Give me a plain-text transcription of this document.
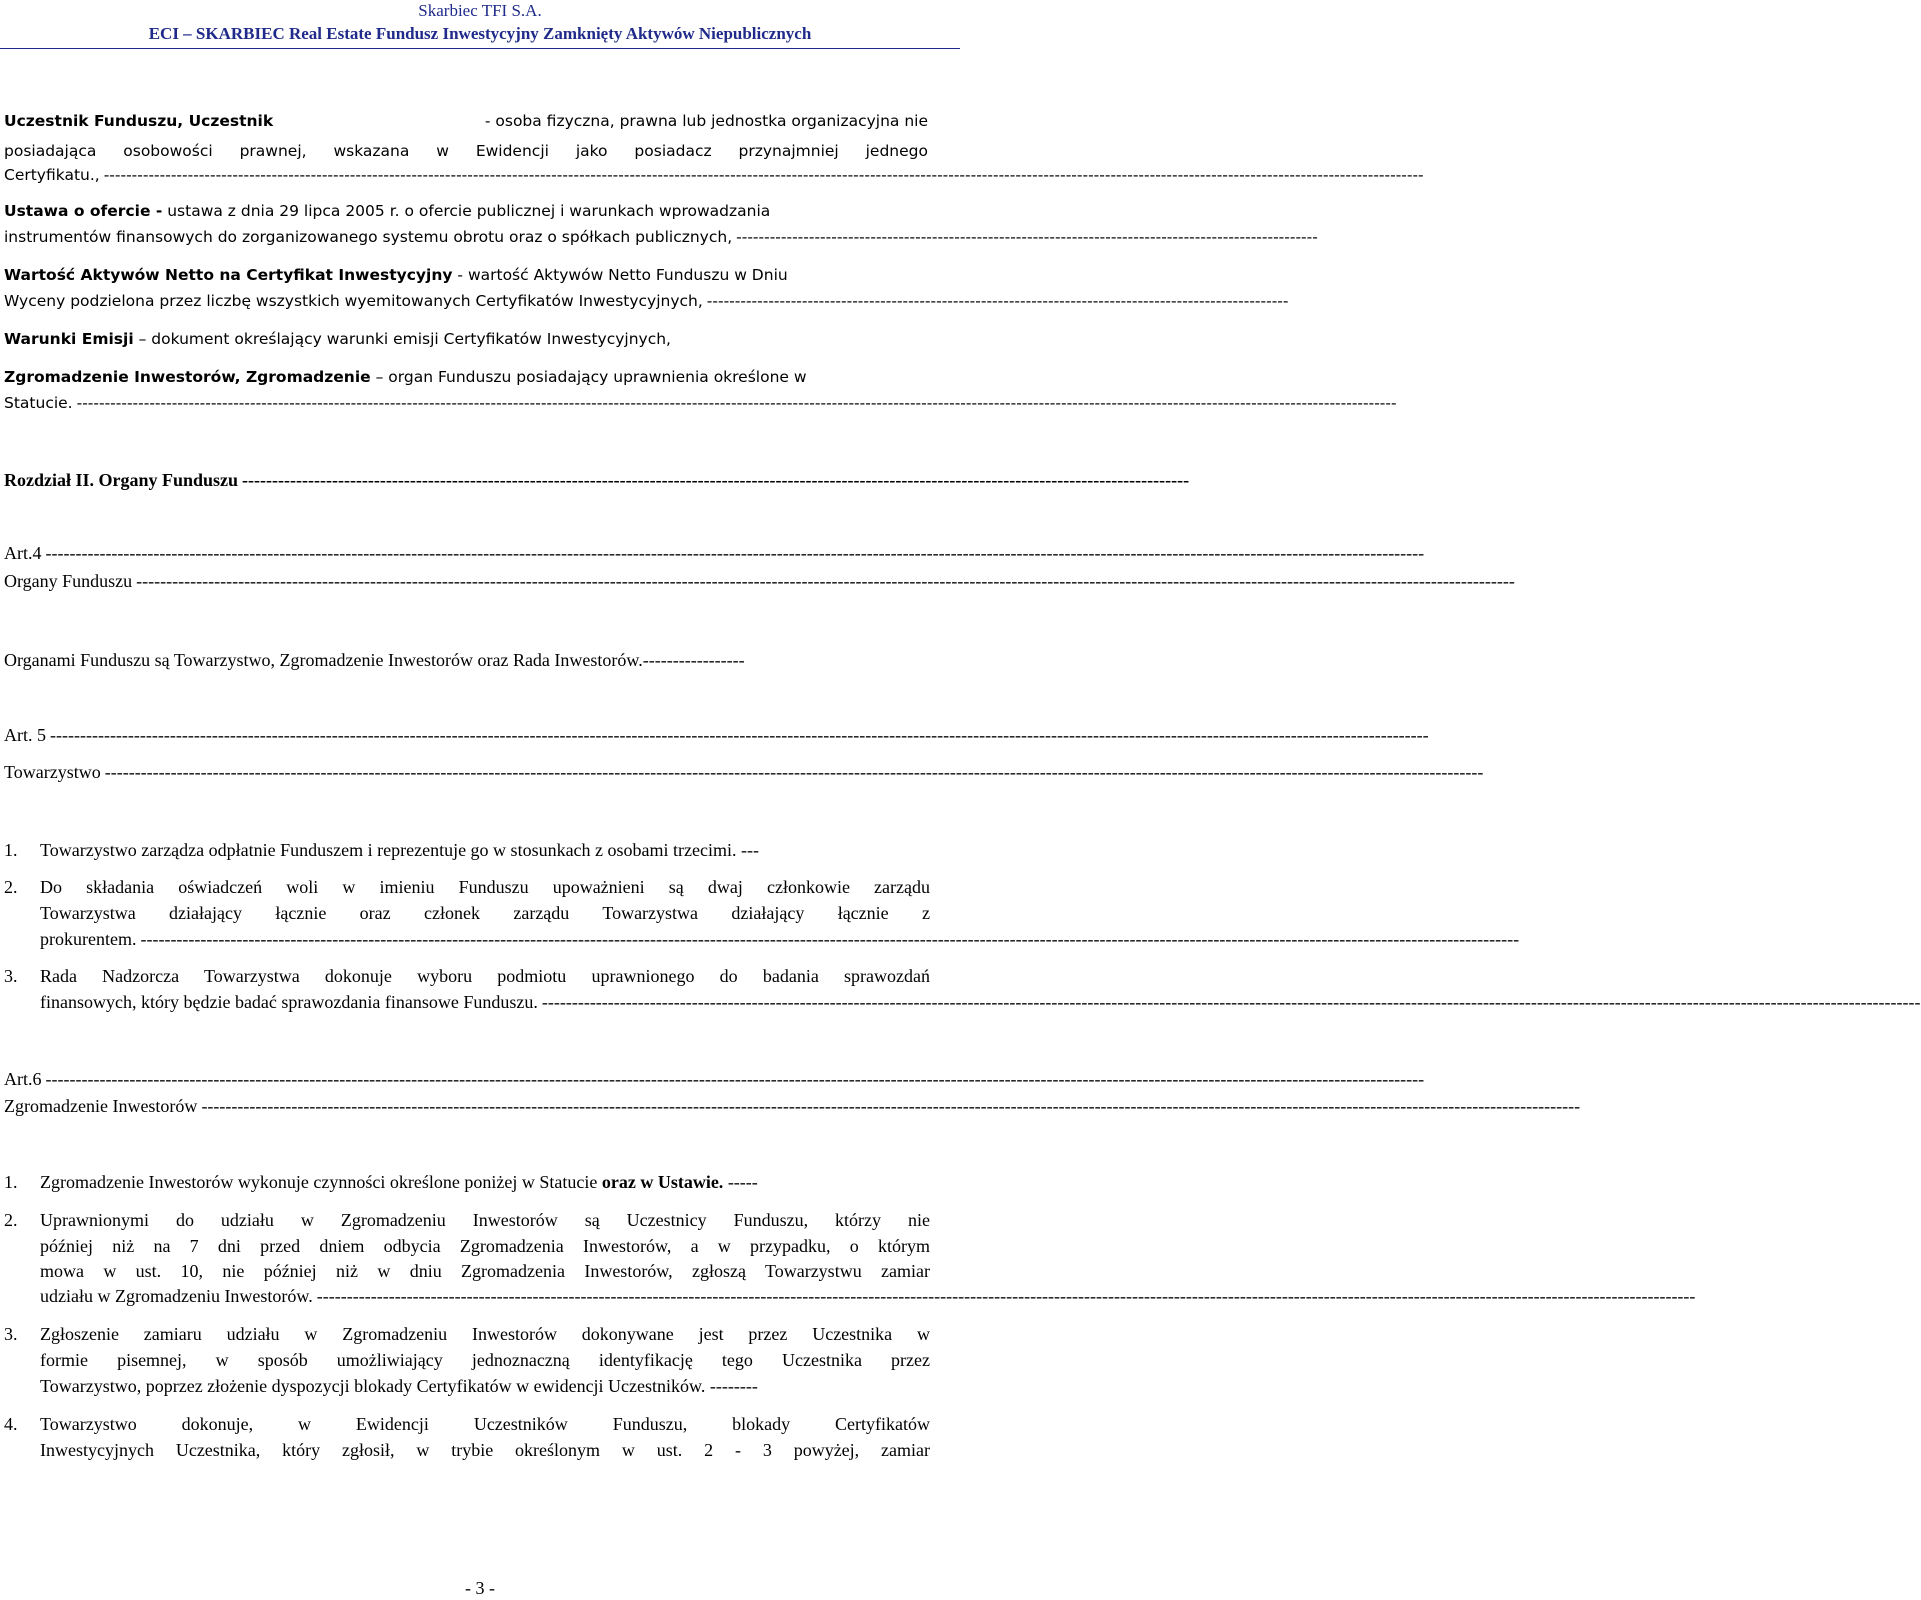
Skarbiec TFI S.A.
ECI – SKARBIEC Real Estate Fundusz Inwestycyjny Zamknięty Aktywów Niepublicznych
Uczestnik Funduszu, Uczestnik	- osoba fizyczna, prawna lub jednostka organizacyjna nie
posiadająca osobowości prawnej, wskazana w Ewidencji jako posiadacz przynajmniej jednego
Certyfikatu., --------------------------------------------------------------------------------------------------------------------------------------------------------------------------------------------------------------------------------------------
Ustawa o ofercie - ustawa z dnia 29 lipca 2005 r. o ofercie publicznej i warunkach wprowadzania
instrumentów finansowych do zorganizowanego systemu obrotu oraz o spółkach publicznych, --------------------------------------------------------------------------------------------------------
Wartość Aktywów Netto na Certyfikat Inwestycyjny - wartość Aktywów Netto Funduszu w Dniu
Wyceny podzielona przez liczbę wszystkich wyemitowanych Certyfikatów Inwestycyjnych, --------------------------------------------------------------------------------------------------------
Warunki Emisji – dokument określający warunki emisji Certyfikatów Inwestycyjnych,
Zgromadzenie Inwestorów, Zgromadzenie – organ Funduszu posiadający uprawnienia określone w
Statucie. --------------------------------------------------------------------------------------------------------------------------------------------------------------------------------------------------------------------------------------------
Rozdział II. Organy Funduszu --------------------------------------------------------------------------------------------------------------------------------------------------------------
Art.4 --------------------------------------------------------------------------------------------------------------------------------------------------------------------------------------------------------------------------------------
Organy Funduszu --------------------------------------------------------------------------------------------------------------------------------------------------------------------------------------------------------------------------------------
Organami Funduszu są Towarzystwo, Zgromadzenie Inwestorów oraz Rada Inwestorów.-----------------
Art. 5 --------------------------------------------------------------------------------------------------------------------------------------------------------------------------------------------------------------------------------------
Towarzystwo --------------------------------------------------------------------------------------------------------------------------------------------------------------------------------------------------------------------------------------
1. Towarzystwo zarządza odpłatnie Funduszem i reprezentuje go w stosunkach z osobami trzecimi. ---
2. Do składania oświadczeń woli w imieniu Funduszu upoważnieni są dwaj członkowie zarządu
Towarzystwa działający łącznie oraz członek zarządu Towarzystwa działający łącznie z
prokurentem. --------------------------------------------------------------------------------------------------------------------------------------------------------------------------------------------------------------------------------------
3. Rada Nadzorcza Towarzystwa dokonuje wyboru podmiotu uprawnionego do badania sprawozdań
finansowych, który będzie badać sprawozdania finansowe Funduszu. --------------------------------------------------------------------------------------------------------------------------------------------------------------------------------------------------------------------------------------
Art.6 --------------------------------------------------------------------------------------------------------------------------------------------------------------------------------------------------------------------------------------
Zgromadzenie Inwestorów --------------------------------------------------------------------------------------------------------------------------------------------------------------------------------------------------------------------------------------
1. Zgromadzenie Inwestorów wykonuje czynności określone poniżej w Statucie oraz w Ustawie. -----
2. Uprawnionymi do udziału w Zgromadzeniu Inwestorów są Uczestnicy Funduszu, którzy nie
później niż na 7 dni przed dniem odbycia Zgromadzenia Inwestorów, a w przypadku, o którym
mowa w ust. 10, nie później niż w dniu Zgromadzenia Inwestorów, zgłoszą Towarzystwu zamiar
udziału w Zgromadzeniu Inwestorów. --------------------------------------------------------------------------------------------------------------------------------------------------------------------------------------------------------------------------------------
3. Zgłoszenie zamiaru udziału w Zgromadzeniu Inwestorów dokonywane jest przez Uczestnika w
formie pisemnej, w sposób umożliwiający jednoznaczną identyfikację tego Uczestnika przez
Towarzystwo, poprzez złożenie dyspozycji blokady Certyfikatów w ewidencji Uczestników. --------
4. Towarzystwo dokonuje, w Ewidencji Uczestników Funduszu, blokady Certyfikatów
Inwestycyjnych Uczestnika, który zgłosił, w trybie określonym w ust. 2 - 3 powyżej, zamiar
- 3 -
